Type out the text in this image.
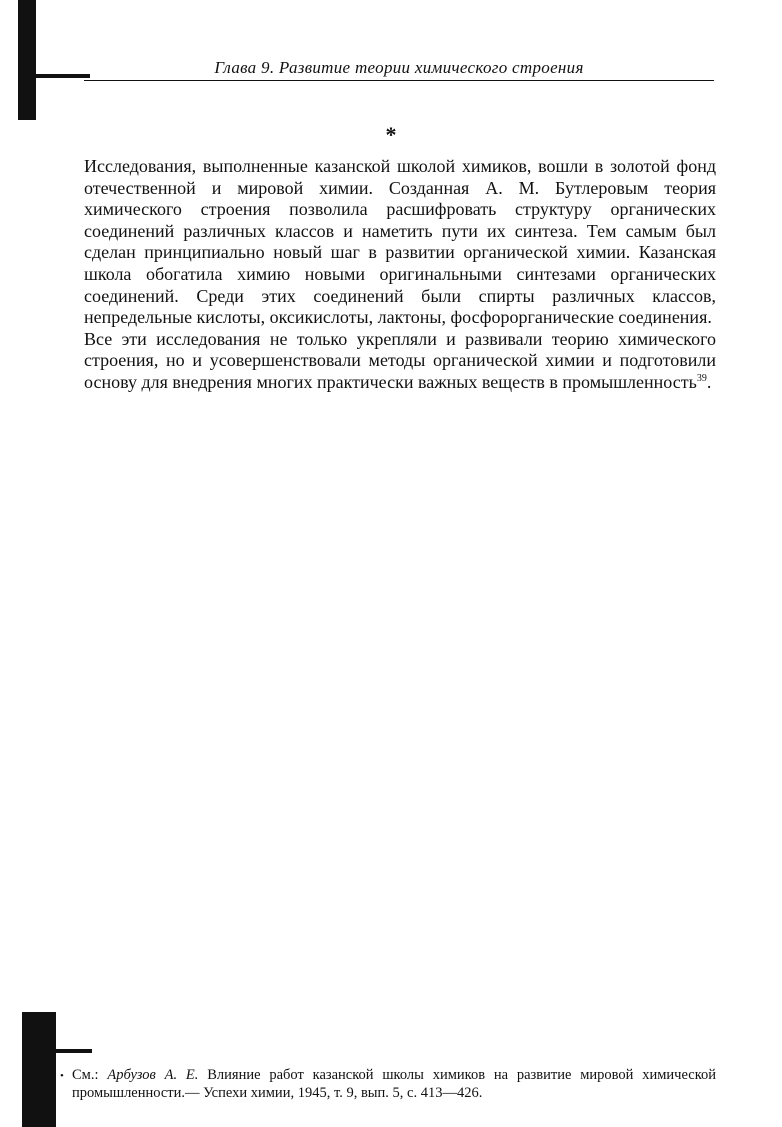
Глава 9. Развитие теории химического строения
*

Исследования, выполненные казанской школой химиков, вошли в золотой фонд отечественной и мировой химии. Созданная А. М. Бутлеровым теория химического строения позволила расшифровать структуру органических соединений различных классов и наметить пути их синтеза. Тем самым был сделан принципиально новый шаг в развитии органической химии. Казанская школа обогатила химию новыми оригинальными синтезами органических соединений. Среди этих соединений были спирты различных классов, непредельные кислоты, оксикислоты, лактоны, фосфорорганические соединения.

Все эти исследования не только укрепляли и развивали теорию химического строения, но и усовершенствовали методы органической химии и подготовили основу для внедрения многих практически важных веществ в промышленность$^{39}$.

• См.: Арбузов А. Е. Влияние работ казанской школы химиков на развитие мировой химической промышленности.— Успехи химии, 1945, т. 9, вып. 5, с. 413—426.
